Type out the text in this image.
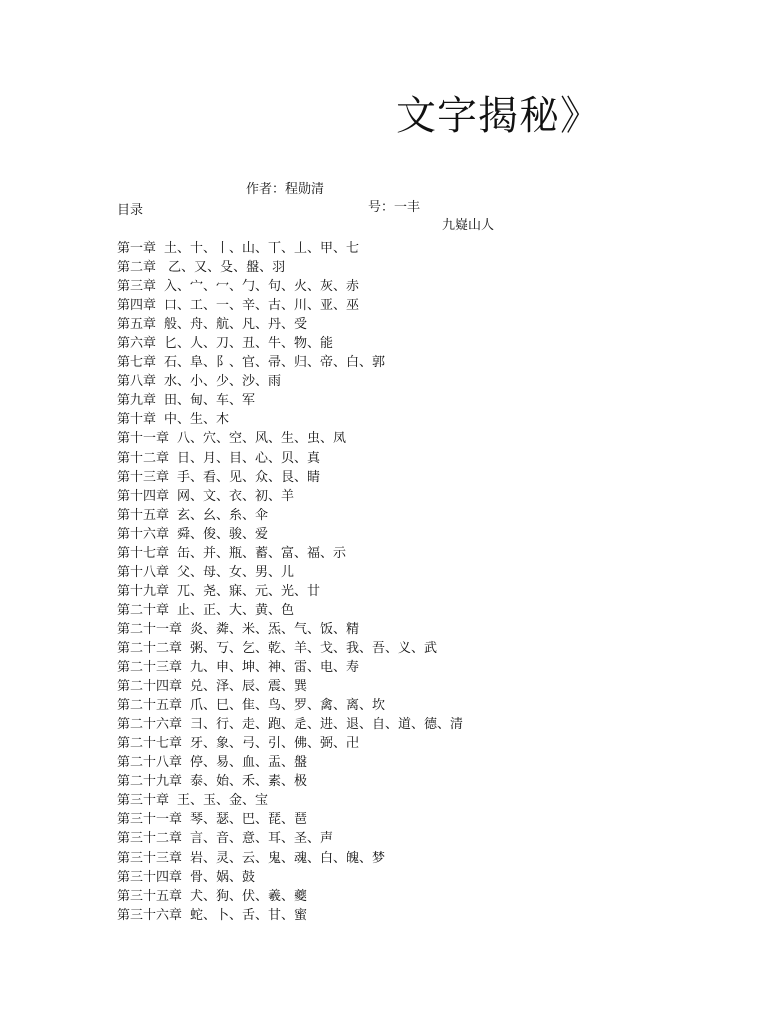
文字揭秘》

作者：程勋清

号：一丰

九嶷山人

目录
第一章 土、十、丨、山、丅、丄、甲、七
第二章 乙、又、殳、盤、羽
第三章 入、宀、冖、勹、句、火、灰、赤
第四章 口、工、一、辛、古、川、亚、巫
第五章 般、舟、航、凡、丹、受
第六章 匕、人、刀、丑、牛、物、能
第七章 石、阜、阝、官、帚、归、帝、白、郭
第八章 水、小、少、沙、雨
第九章 田、甸、车、军
第十章 中、生、木
第十一章 八、穴、空、风、生、虫、凤
第十二章 日、月、目、心、贝、真
第十三章 手、看、见、众、艮、睛
第十四章 网、文、衣、初、羊
第十五章 玄、幺、糸、伞
第十六章 舜、俊、骏、爱
第十七章 缶、并、瓶、蓄、富、福、示
第十八章 父、母、女、男、儿
第十九章 兀、尧、寐、元、光、廿
第二十章 止、正、大、黄、色
第二十一章 炎、粦、米、炁、气、饭、精
第二十二章 粥、丂、乞、乾、羊、戈、我、吾、义、武
第二十三章 九、申、坤、神、雷、电、寿
第二十四章 兑、泽、辰、震、巽
第二十五章 爪、巳、隹、鸟、罗、禽、离、坎
第二十六章 彐、行、走、跑、辵、进、退、自、道、德、清
第二十七章 牙、象、弓、引、佛、弼、卍
第二十八章 停、易、血、盂、盤
第二十九章 泰、始、禾、素、极
第三十章 王、玉、金、宝
第三十一章 琴、瑟、巴、琵、琶
第三十二章 言、音、意、耳、圣、声
第三十三章 岩、灵、云、鬼、魂、白、魄、梦
第三十四章 骨、娲、鼓
第三十五章 犬、狗、伏、羲、夔
第三十六章 蛇、卜、舌、甘、蜜
